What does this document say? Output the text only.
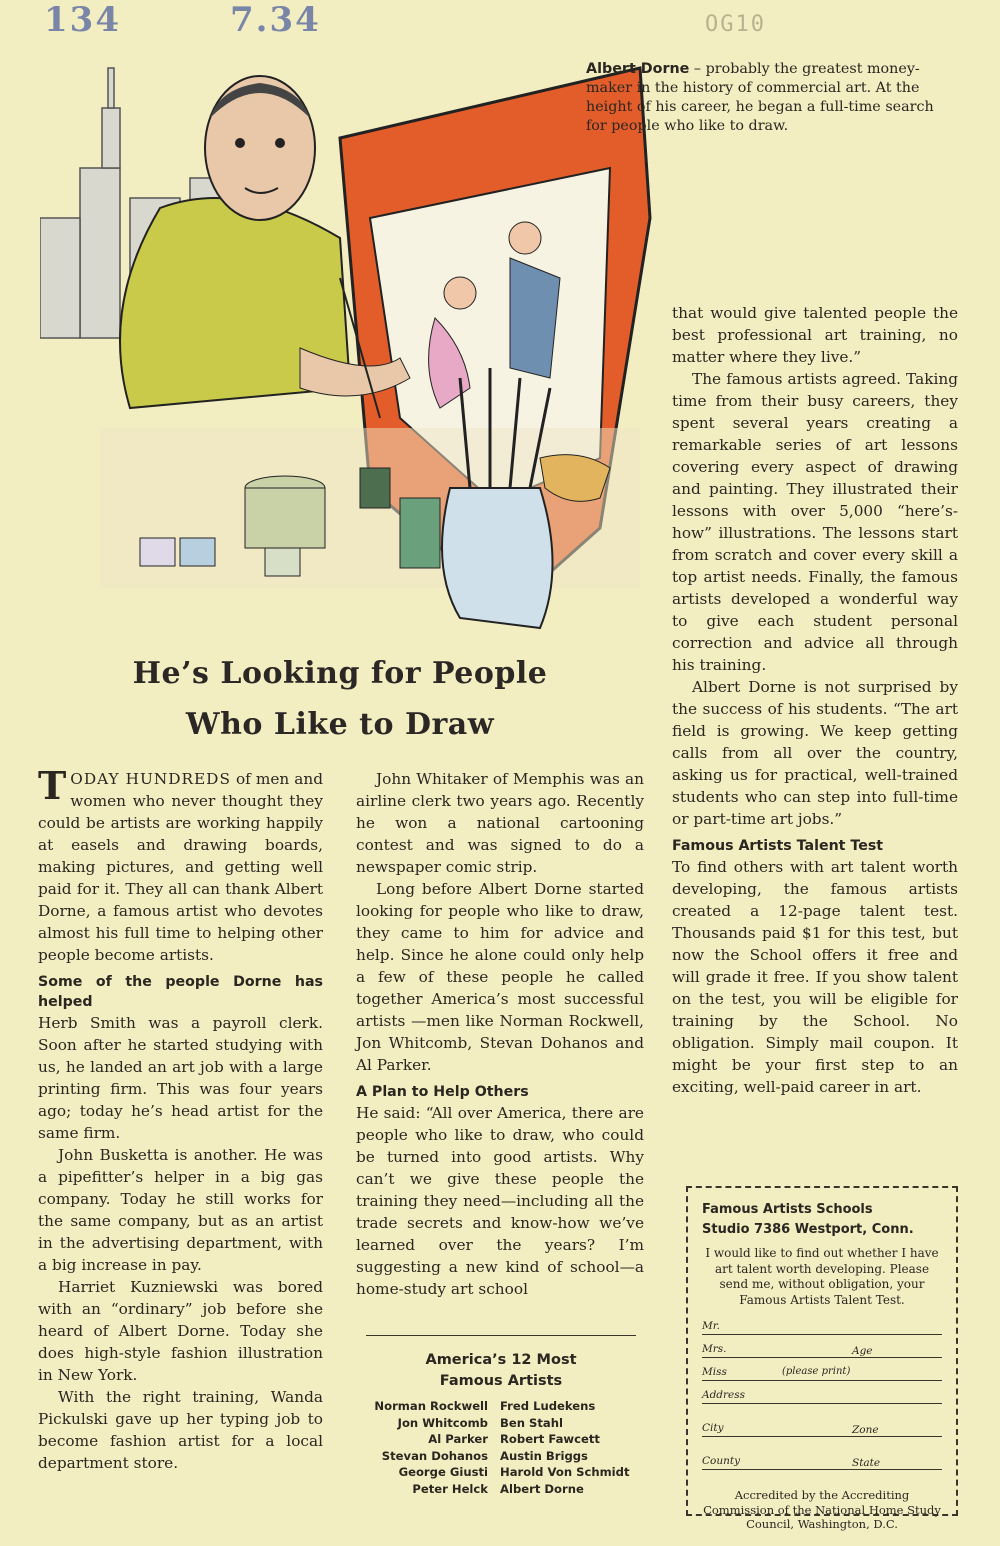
134	7.34	OG10
Albert Dorne – probably the greatest money-maker in the history of commercial art. At the height of his career, he began a full-time search for people who like to draw.
He’s Looking for People
Who Like to Draw

TODAY HUNDREDS of men and women who never thought they could be artists are working happily at easels and drawing boards, making pictures, and getting well paid for it. They all can thank Albert Dorne, a famous artist who devotes almost his full time to helping other people become artists.

Some of the people Dorne has helped

Herb Smith was a payroll clerk. Soon after he started studying with us, he landed an art job with a large printing firm. This was four years ago; today he’s head artist for the same firm.

John Busketta is another. He was a pipefitter’s helper in a big gas company. Today he still works for the same company, but as an artist in the advertising department, with a big increase in pay.

Harriet Kuzniewski was bored with an “ordinary” job before she heard of Albert Dorne. Today she does high-style fashion illustration in New York.

With the right training, Wanda Pickulski gave up her typing job to become fashion artist for a local department store.

John Whitaker of Memphis was an airline clerk two years ago. Recently he won a national cartooning contest and was signed to do a newspaper comic strip.

Long before Albert Dorne started looking for people who like to draw, they came to him for advice and help. Since he alone could only help a few of these people he called together America’s most successful artists —men like Norman Rockwell, Jon Whitcomb, Stevan Dohanos and Al Parker.

A Plan to Help Others

He said: “All over America, there are people who like to draw, who could be turned into good artists. Why can’t we give these people the training they need—including all the trade secrets and know-how we’ve learned over the years? I’m suggesting a new kind of school—a home-study art school

America’s 12 Most
Famous Artists
Norman Rockwell	Fred Ludekens
Jon Whitcomb	Ben Stahl
Al Parker	Robert Fawcett
Stevan Dohanos	Austin Briggs
George Giusti	Harold Von Schmidt
Peter Helck	Albert Dorne

that would give talented people the best professional art training, no matter where they live.”

The famous artists agreed. Taking time from their busy careers, they spent several years creating a remarkable series of art lessons covering every aspect of drawing and painting. They illustrated their lessons with over 5,000 “here’s-how” illustrations. The lessons start from scratch and cover every skill a top artist needs. Finally, the famous artists developed a wonderful way to give each student personal correction and advice all through his training.

Albert Dorne is not surprised by the success of his students. “The art field is growing. We keep getting calls from all over the country, asking us for practical, well-trained students who can step into full-time or part-time art jobs.”

Famous Artists Talent Test

To find others with art talent worth developing, the famous artists created a 12-page talent test. Thousands paid $1 for this test, but now the School offers it free and will grade it free. If you show talent on the test, you will be eligible for training by the School. No obligation. Simply mail coupon. It might be your first step to an exciting, well-paid career in art.

Famous Artists Schools
Studio 7386 Westport, Conn.
I would like to find out whether I have art talent worth developing. Please send me, without obligation, your Famous Artists Talent Test.
Mr.
Mrs.	Age
Miss	(please print)
Address
City	Zone
County	State
Accredited by the Accrediting Commission of the National Home Study Council, Washington, D.C.
